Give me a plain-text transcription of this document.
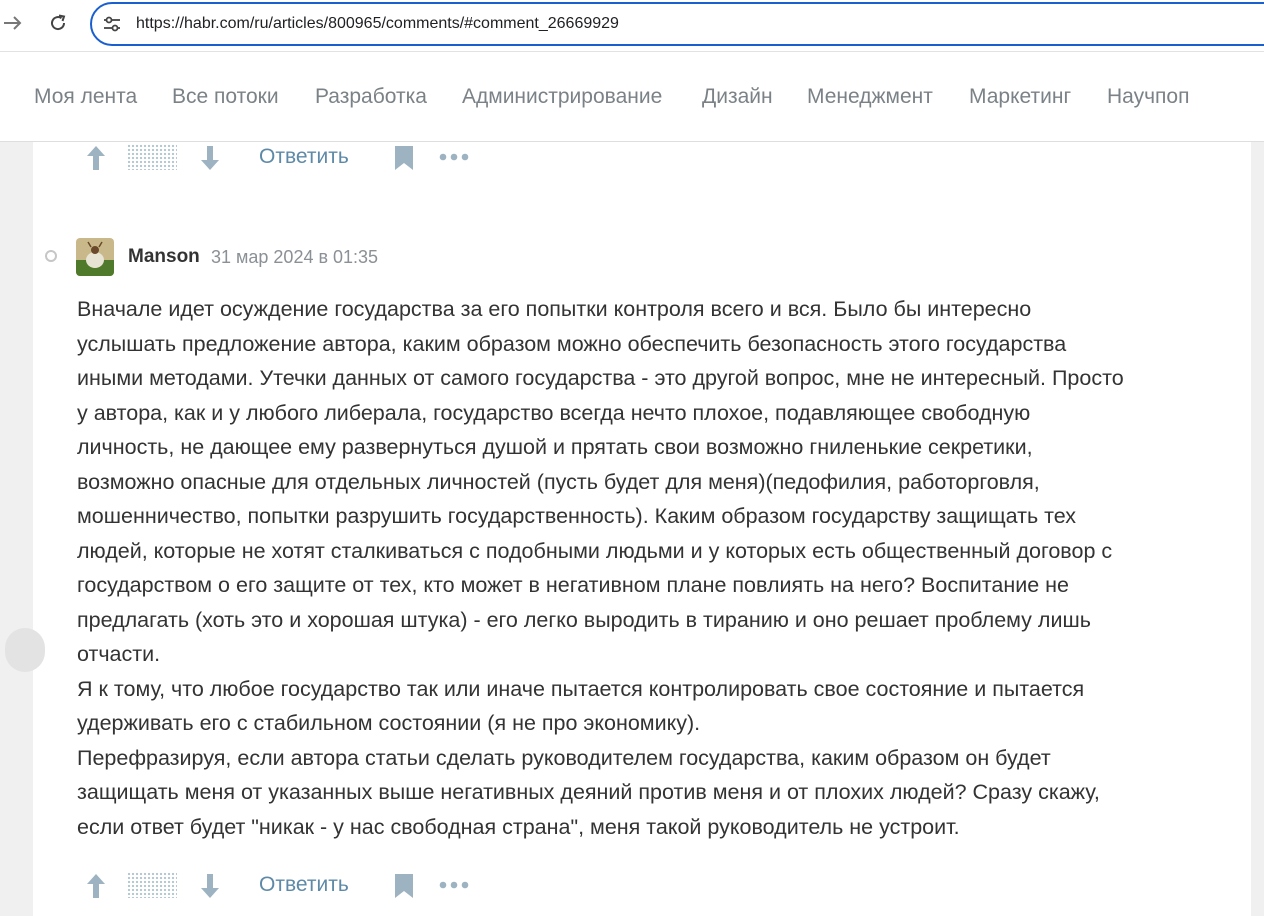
https://habr.com/ru/articles/800965/comments/#comment_26669929
Моя лента Все потоки Разработка Администрирование Дизайн Менеджмент Маркетинг Научпоп
Ответить
Manson 31 мар 2024 в 01:35

Вначале идет осуждение государства за его попытки контроля всего и вся. Было бы интересно

услышать предложение автора, каким образом можно обеспечить безопасность этого государства

иными методами. Утечки данных от самого государства - это другой вопрос, мне не интересный. Просто

у автора, как и у любого либерала, государство всегда нечто плохое, подавляющее свободную

личность, не дающее ему развернуться душой и прятать свои возможно гниленькие секретики,

возможно опасные для отдельных личностей (пусть будет для меня)(педофилия, работорговля,

мошенничество, попытки разрушить государственность). Каким образом государству защищать тех

людей, которые не хотят сталкиваться с подобными людьми и у которых есть общественный договор с

государством о его защите от тех, кто может в негативном плане повлиять на него? Воспитание не

предлагать (хоть это и хорошая штука) - его легко выродить в тиранию и оно решает проблему лишь

отчасти.

Я к тому, что любое государство так или иначе пытается контролировать свое состояние и пытается

удерживать его с стабильном состоянии (я не про экономику).

Перефразируя, если автора статьи сделать руководителем государства, каким образом он будет

защищать меня от указанных выше негативных деяний против меня и от плохих людей? Сразу скажу,

если ответ будет "никак - у нас свободная страна", меня такой руководитель не устроит.

Ответить
